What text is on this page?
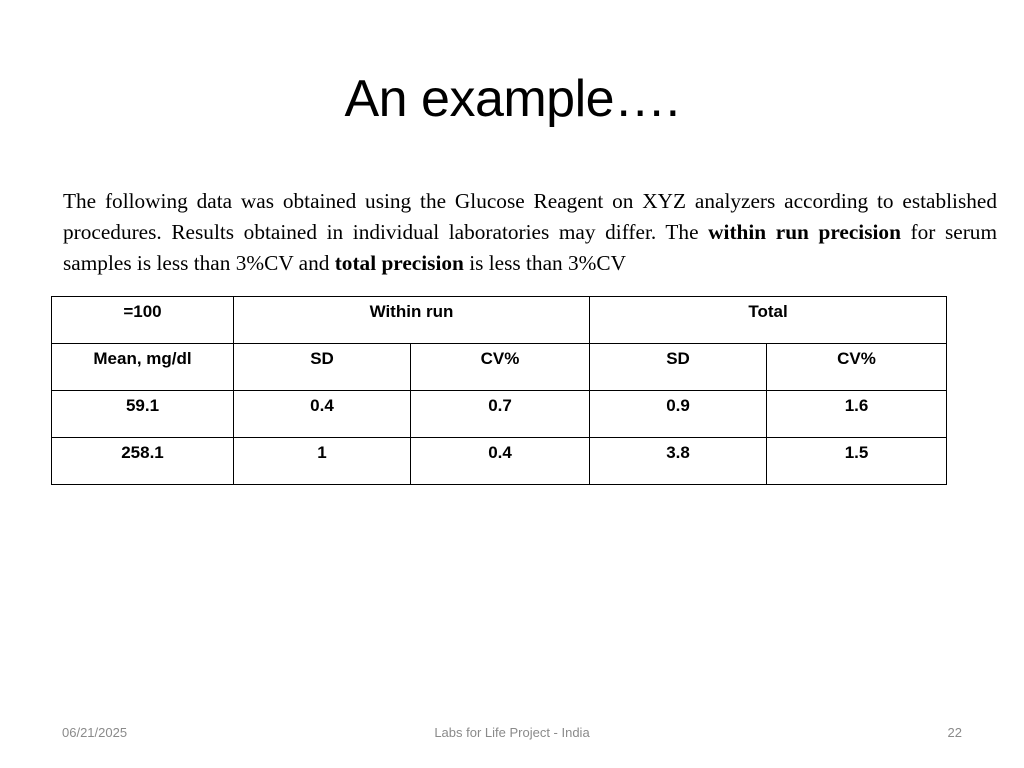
An example….

The following data was obtained using the Glucose Reagent on XYZ analyzers according to established procedures. Results obtained in individual laboratories may differ. The within run precision for serum samples is less than 3%CV and total precision is less than 3%CV

=100	Within run		Total	
Mean, mg/dl	SD	CV%	SD	CV%
59.1	0.4	0.7	0.9	1.6
258.1	1	0.4	3.8	1.5
06/21/2025	Labs for Life Project - India	22
